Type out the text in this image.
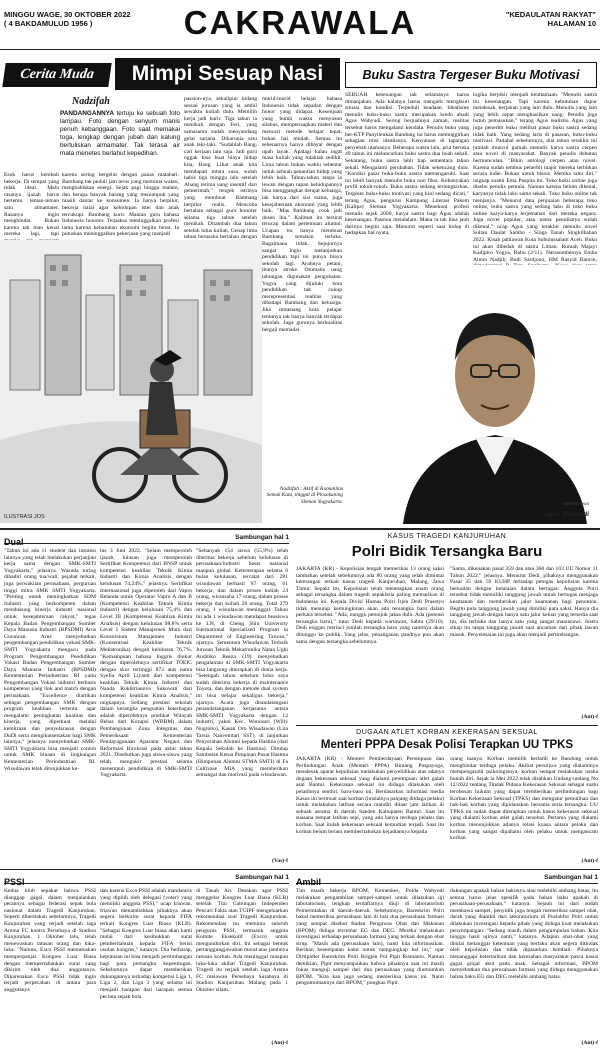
MINGGU WAGE, 30 OKTOBER 2022
( 4 BAKDAMULUD 1956 )	CAKRAWALA	"KEDAULATAN RAKYAT"
HALAMAN 10
Cerita Muda	Mimpi Sesuap Nasi	Buku Sastra Tergeser Buku Motivasi
Nadzifah
PANDANGANNYA tertuju ke sebuah foto lampau. Foto dengan senyum manis penuh kebanggaan. Foto saat memakai toga, lengkap dengan jubah dan kalung bertuliskan almamater. Tak terasa air mata menetes berlahut kepedihan.
Esok harus kembali bekerja. Di tempat yang tidak ideal. Malu rasanya ijazah harus bertemu teman-teman satu almamater. Rasanya ingin menghindar. Bukan karena tak mau kenal mereka lagi, tapi
karena sering bergelut dengan panas matahari. Bambang tak peduli jam terus yang meminta waktu, menghabiskan energi. Sejak pagi hingga malam, dan berapa banyak barang yang menumpuk yang masih dantar ke konsumen. Ia hanya berpikir, bekerja halal agar kehidupan istei dan anak tercukupi. Bambang kurir. Mantan guru bahasa Indonesia honorer. Terpaksa meninggalkan profesi lama karena kebutuhan ekonomi begitu berat. Ia putuskan meninggalkan pekerjaan yang menjadi
passion-nya, sekalipun bidang sesuai jurusan yang ia ambil sewaktu kuliah dulu. Memilih kerja jadi kurir. Tiga tahun ia menikah dengan Feri, yang samasama sudah menyandang gelar sarjana. Dikarunia satu anak laki-laki. "Sudahlah Bang, cari kerjaan lain saja. Jadi guru nggak bisa buat biaya hidup kita, Bang. Lihat anak kita mendapati minta susu, sudah habis tiga minggu lalu setelah Abang terima uang insentif dari pemerintah," rengek istrinya yang membuat Bambang berpikir realis. Mencoba bertahan sebagai guru honorer selama tiga tahun setelah menikah. Ditambah dua tahun setelah lulus kuliah. Genap lima tahun berusaha bertahan dengan
murid-murid belajar bahasa Indonesia tidak sepadan dengan honor yang didapat. Kesenjuan yang butuh waktu menyusun silabus, memperisapkan materi dan mencari metode belajar tepat, bukan hal mudah. Semua itu sebenarnya hanya dibayar dengan upah layak. Apalagi kalau ingat masa kuliah yang tidaklah sedikit. Lima tahun bukan waktu sebentar untuk sebuah penantian hidup yang lebih baik. Tahun-tahun tanpa ia lewati dengan rapan kehidupannya bisa menggangkat derajat keluarga, tak hanya dari sisi status, juga kesejahteraan ekonomi yang lebih baik. "Mas Bambang cook jadi dosen ibu." Kalimat itu tersirat terucap dalam pertemuan alumni. Ucapan itu hanya membuat Bambang semakin terluka. Bagaimana tidak. Sejujurnya sangat ingin melanjutkan pendidikan tapi ini punya biaya sekolah lagi. Ayahnya petani, ibunya stroke. Otomatis uang tabungan digunakan pengobatan. Yogya yang dijuluki kota pendidikan tak cukup merepresentasi realitas yang dihadapi Bambang dan keluarga. Jika mmenang kota pelajar tentunya tak hanya banyak terdapat sekolah. Juga gurunya berkualitas bergaji memadai.
ILUSTRASI JOS
Nadzifah : Aktif di Komunitas Semak Kata, tinggal di Plosokuning Sleman Yogyakarta.
SEBUAH kesenangan tak selamanya harus dimanjakan. Ada kalanya harus mengalir mengikuti situasi dan kondisi. Terpeduli keadaan. Idealisme menulis buku-buku sastra merupakan kredo abadi Agus Wahyudi. Sering berjuahnya zaman, realitas tersebut harus mengalami kendala. Penulis buku yang ber-KTP Panyileukan Bandung ini harus memnggirkan sebagian misi idealisnya. Kenyataan di lapangan penyebab utamanya. Beberapa waktu lalu, pria berusia 49 tahun ini meluncurkan buku sastra dua buah sekali. Sekarang, buku sastra lahir tiap sementara tahun sekali. Mengalami perubahan. Tidak sekencang dulu. "Kondisi pasar buku-buku sastra memengaruhi. Saat ini lebih banyak menulis buku non fiksi. Kebanyakan profil tokoh-tokoh. Buku sastra sedang terinngkirkan. Tergeser buku-buku motivasi yang kini sedang dicari," terang Agus, pengurus Kampung Literasi Pakem (Kalipa) Sleman Yogyakarta. Menekuni profesi menulis sejak 2000, karya sastra bagi Agus adalah kesenangan. Passion mendalam. Maka ia tak bisa jauh darinya begitu saja. Menurut seperti saat hidup di hadapkan hal nyata,
logika berpikir menjadi keuttamaan. "Menulis sastra itu kesenangan. Tapi karena kebutuhan dapur mendesak, kerjakan yang lain dulu. Menulis yang lain yang lebih cepat menghasilkan uang. Penulis juga butuh pemasukan," terang Agus realistis. Agus yang juga penerbit buku melihat pasar buku sastra sedang tidak baik. Yang sedang laris di pasaran, buku-buku motivasi. Padahal sebelumnya, dua tahun terakhir ini jumlah muncul garnah menulis karya sastra cerpen atau novel di masyarakat. Banyak penulis debutan bermunculan. "Bikin antologi cerpen atau novel. Karena sudah tembus penerbit major mereka terbitkan secara indie. Bukan untuk bisnis. Mereka tahu diri," ungkap suami Ema Puspita itu. Toko buku online juga disebu penulis pemula. Namun karena belum dikenal, karyanya tidak laku sama sekali. Toko buku online tak menjanya. "Menurut data penjualan beberapa toko online, buku sastra yang sedang laku di toko buku online karya-karya terjemahan dari mereka negara. Juga novel populer, atau nama penulisnya sudah dikenal," ucap Agus yang terakhir menulis novel Sultan Daulat Sambo - Singa Tanah Singkilbahan 2022. Kisah pahlawan Kota Subulussalam Aceh. Buku ini akan dibedah di sastra Liman. Rumah Majayi Kadipiro Yogya, Rabu (2/11). Narasumbernya Emha Ainun Nadjib, Budi Sardjono, HM Rasyid Bancin,
KR-Istimewa
Agus Wahyudi
Dual	Sambungan hal 1
"Tahun ini ada 11 student dan instansi lainnya yang telah melakukan perjanjian kerja sama dengan SMK-SMTI Yogyakarta," jelasnya. Wasuda turing dihadiri orang tua/wali, pejabat terkait, juga perwakilan perusahaan, perguruan tinggi mitra SMK SMTI Yogyakarta. "Penting untuk meningkatkan SDM Industri yang berkompeten dalam mendukung kinerja industri nasional untuk kesejahteraan rakyat," tegas Kepala Badan Pengembangan Sumber Daya Manusia Industri (BPSDMI) Arus Gunawan. Arus menyebutkan pengembangan pendidikan vokasi SMK-SMTI Yogyakarta mengacu pada Program Pengembangan Pendidikan Vokasi Badan Pengembangan Sumber Daya Manusia Industri (BPSDMI) Kementerian Perindustrian RI yaitu Pengembangan Vokasi industri berbasis kompetensi yang link and match dengan perusahaan. "Excellence diartikan sebagai pengembangan SMK dengan program keahlian tertentu agar mengalami peningkatan kualitas dan kinerja, yang diperkuat melalui kemitraan dan penyelarasan dengan DuDi serta mengikutsertakan bagi SMK lainnya," jelasnya menyebutkan SMK-SMTI Yogyakarta bisa menjadi contoh untuk SMK binaan di lingkungan Kementerian Perindustrian RI. Wisudawan telah ditunjukkan ke-
lus 3 Juni 2022. "Selain memperoleh ijazah, lulusan juga memperoleh Sertifikat Kompetensi dari BNSP untuk kompetensi keahlian Teknik Kimia Industri dan Kimia Analisis dengan kelulusan 74,24%," jelasnya. Sertifikat Internasional juga diperoleh dari Vapro Belanda untuk Operator Vapro A dan B (Kompetensi Keahlian Teknik Kimia Industri) dengan kelulusan 75,4% dan Level III (Kompetensi Keahlian Kimia Analisis) dengan kelulusan 98,8% serta Level 1 Sistem Manajemen Mutu dari Konsorsium Manajemen Industri (Konsentrasi Keahlian Teknik Mekatronika) dengan kelulusan 76,7%. "Kemampuan bahasa Inggris diukur dengan diperolehnya sertifikat TOEIC dengan skor tertinggi 873 atas nama Syefia April Liyanti dari kompetensi keahlian Teknik Kimia Industri dan Nanda Rokhtrianova Sukowati dari kompetensi keahlian Kimia Analisis," ungkapnya. Sedang prestasi sekolah dalam kerangka penguatan keterbagan adalah diperolehnya predikat Wilayah Bebas dari Korupsi (WBBM) dalam Pembangunan Zona Integritas dan Pemeriksaan Kementerian Pendayagunaan Aparatur Negara dan Reformasi Birokrasi pada akhir tahun 2021. Disebutkan juga siswa-siswa yang telah mengukir prestasi selama menempuh pendidikan di SMK-SMTI Yogyakarta.
"Sebanyak 154 siswa (55,9%) telah diterima bekerja sebelum kelulusan di perusahaan/industri besar nasional maupun global. Keterserapan selama 6 bulan kelulusan, tercatat dari 281 wisudawan berhasil 87 orang, 61 bekerja, dan dalam proses kuliah 24 orang, wirausaha 17 orang, dalam proses bekerja dan kuliah 28 orang. Total 279 orang, 1 wisudawan meninggal. Tahun ini ada 1 wisudawan mendapat beasiswa ke LN, di Cheng Shiu University International Specialized Program in Department of Engineering Taiwan," ujarnya. Sementara Wisudawan Terbaik Jurusan Teknik Mekatronika Natan Ughi Anditiko Reeza (19) menyebutkan pengalaman di SMK-SMTI Yogyakarta bisa langsung diterapkan di dunia kerja. "Setengah tahun sebelum lulus saya sudah diterima bekerja di maintenance Toyota, dan dengan metode dual system ini bisa belajar sekaligus bekerja," ujarnya. Acara juga ditandatangani penandatanganan kerjasama antara SMK-SMTI Yogyakarta dengan 12 industri, yakni Kec. Wonosari (Willy Nugroho), Kasan Oro Wisudawan (Lita Tarsia Nauvemtari SST), di lanjutkan Penyerahan Alumni kepada Hastina (dari Kepala Sekolah ke Hastina). Ditutup Sambutan Ketua Pimpinan Pusat Hastma (Himpunan Alumni STMA SMTI) di Fa Cultivase MIA yang memberikan semangat dan motivasi pada wisudawan.
(Vas)-f
KASUS TRAGEDI KANJURUHAN
Polri Bidik Tersangka Baru
JAKARTA (KR) - Kepolisian tengah memerikas 13 orang saksi tambahan setelah sebelumnya ada 80 orang yang telah dimintai keterangan terkait kasus tragedi Kanjuruhan, Malang, Jawa Timur. Sepakt itu, Kepolisian telah menetapkan enam orang sebagai tersangka dalam tragedi sepakbola paling mematikan di Indonesia ini. Kepala Divisi Humas Polri Irjen Dedi Prasetyo tidak menutup kemungkinan akan ada tersangka baru dalam perkara tersebut. "Ada, nunggu petunjuk jaksa dulu. Ada (potensi tersangka baru)," tutur Dedi kepada wartawan, Sabtu (29/10). Dedi enggan merinci jumlah tersangka baru yang nantinya akan ditunggu ke publik. Yang jelas, penanganan pandnya pun akan sama dengan tersangka sebelumnya.
"Sama, dikenakan pasal 359 dan atau 360 dan 103 UU Nomor 11 Tahun 2022," jelasnya. Menurut Dedi, pihaknya menggunakan Pasal 35 dan 59 KUHP terhadap petugas kepolisian karena berkaitan dengan kelalaian dalam bertugas. Anggota Polri tersebut tidak memiliki tanggung jawab untuk bertugas menjaga keamanan dan memberikan jalur keamanan bagi penonton. Begitu pula tanggung jawab yang dimiliki para saksi. Hanya dia tanggung jawab dengan hanya satu jalur keluar yang tersedia saat itu, dia terbuka dan hanya satu yang sangat manusiawi. Justru sikap itu tanpa tanggung jawab saat ancaman dari pihak lawan masuk. Penyelesaian ini juga akan menjadi pertimbangan.
(Ant)-f
DUGAAN ATLET KORBAN KEKERASAN SEKSUAL
Menteri PPPA Desak Polisi Terapkan UU TPKS
JAKARTA (KR) - Menteri Pemberdayaan Perempuan dan Perlindungan Anak (Menteri PPPA) Bintang Puspayoga, mendesak aparat kepolisian melakukan penyelidikan atas adanya dugaan kekerasan seksual yang dialami perempuan atlet galah asal Bantul. Kekerasan seksual ini diduga dilakukan oleh pelatihnya sendiri, baru-baru ini. Berdasarkan informasi media Kasus ini bermual saat korban (inisialnya panjang ditdaga pelaku) untuk melakukan latihan secara mandiri dilaar jam latihan di sebuah asrama di daerah Sanden Kabupaten Bantul. Saat itu suasana tempat latihan sepi, yang ada hanya terduga pelaku dan korban. Saat itulah kekerasan seksual kemudian terjadi. Saat itu korban belum berani memberitahukan kejadiannya kepada
orang tuanya. Korban memilih berlatih ke Bandung untuk menghindar terduga pelaku. Akibat persitiwa yang dialaminya mempengaruhi psikologisnya, korban sempat melakukan usaha bunuh diri. Sejak ia Mei 2022 telah disahkan Undang-undang No 12/2022 tentang Tindak Pidana Kekerasan Seksual sebagai suatu terobosan hukum yang dapat memberikan perlindungan bagi Korban Kekerasan Seksual (TPKS) dan mengatur pemulihan dan hak-hak korban yang dipidanakan bersama serta tersangka. UU TPKS ini sudah dapat diterapkan untuk kasus kekerasan seksual yang dialami korban atlet galah tersebut. Pertama yang dialami korban menunjukkan adanya relasi kuasa antara pelaku dan korban yang sangat dipahami oleh pelaku untuk mengancam korban.
(Ant)-f
PSSI	Sambungan hal 1
Kedua klub sepakat bahwa PSSI dianggap gagal dalam menjalankan perannya sebagai federasi sepak bola nasional dalam Tragedi Kanjuruhan. Seperti diberitakan sebelumnya, Tragedi Kanjuruhan yang terjadi setelah laga Arema FC kontra Persebaya di Stadion Kanjuruhan, 1 Oktober lalu, telah menewaskan ratusan orang dan luka-luka. "Namun, Exco PSSI memutuskan memperpanjat Kongres Luar Biasa dengan mempertahankan surat yang dikirim oleh dua anggotanya. Dikarenakan Exco PSSI tidak ingin terjadi perpecahan di antara para anggotanya
dan karena Exco PSSI adalah mandataris yang dipilih oleh delegasi (voter) yang memiliki anggota PSSI," ucap Iriawan. Iriawan menambahkan pihaknya akan segera berkirim surat kepada FIFA terkait Kongres Luar Biasa (KLB). "Sebagai Kongres Luar biasa akan kami mulai dari kesibukkan surat pemberitahuan kepada FIFA berisi usulan kongres," katanya. Dia berharap, keputusan ini bisa menjadi pertimbangan bagi para pemangku kepentingan. Sebelumnya dapat memberikan dukungannya terhadap kompetisi Liga 1, Liga 2, dan Liga 3 yang selama ini menjadi harapan dari harapan semua pecinta sepak bola
di Tanah Air. Desakan agar PSSI menggelar Kongres Luar Biasa (KLB) setelah Tim Gabungan Independen Pencari Fakta atau TGIPF mengeluarkan rekomendasi soal Tragedi Kanjuruhan. Rekomendasi itu meminta seluruh pengurus PSSI, termasuk anggota Komite Eksekutif (Exco) untuk mengundurkan diri. Ini sebagai bentuk pertanggungjawaban moral atas jatuhnya ratusan korban. Ada meninggal maupun luka-luka akibat Tragedi Kanjuruhan. Tragedi itu terjadi setelah laga Arema FC melawan Persebaya Surabaya di Stadion Kanjuruhan Malang pada 1 Oktober silam.
(Ant)-f
Ambil	Sambungan hal 1
Tim masih bekerja BPOM, Kemenkes, Polda Wahyudi melakukan pengambilan sampel-sampel untuk dilakukan uji laboratorium, lengkap terdaftarnya diuji di laboratorium Pemerintahan di daerah-daerah. Sebelumnya, Bareskrim Polri bakal memeriksa perusahaan lain di luar dua perusahaan farmasi yang sempat disebut Badan Pengawas Obat dan Makanan (BPOM) diduga tercemar EG dan DEG. Mereka melakukan investigasi terhadap perusahaan farmasi yang terkait dengan obat sirup. "Masih ada (perusahaan lain), nanti kita informasikan. Berikan kesempatan kami untuk mengungkap hal ini," ujar Dirtipidter Bareskrim Polri Brigjen Pol Pipit Rismanto. Namun demikian, Pipit menyampaikan bahwa pihaknya saat ini masih fokus menguji sampel dari dua perusahaan yang diumumkan BPOM. "Kita kan juga sedang memeriksa kasus ini. Nanti pengumumannya dari BPOM," pungkas Pipit.
dukungan apakah bahan bakunya atau melebihi ambang batas, itu semua harus jelas spesifik pada bahan baku apakah di perusahaan-perusahaan," katanya. Sejauh ini dari sudah membawa sampel, penyidik juga tengah memeriksa sampel obat, darah yang diambil dari laboratorium di Puslabfor Polri untuk dilakukan investigasi kepada pihak yang diduga kuat melakukan penyimpangan. "Sedang masih dalam pengumpulan bahan. Kita tunggu hasil ujinya nanti," katanya. Adapun obat-obat yang dinilai melanggar ketentuan yang berlaku akan segera ditindak oleh kepolisian dan tidak dipasarkan kembali. Pihaknya menanggapi ketertarikan dan keresahan masyarakat pasca kasus gagal ginjal akut pada anak. Sebagai informasi, BPOM menyebutkan dua perusahaan farmasi yang diduga menggunakan bahan baku EG dan DEG melebihi ambang batas.
(Ant)-f
